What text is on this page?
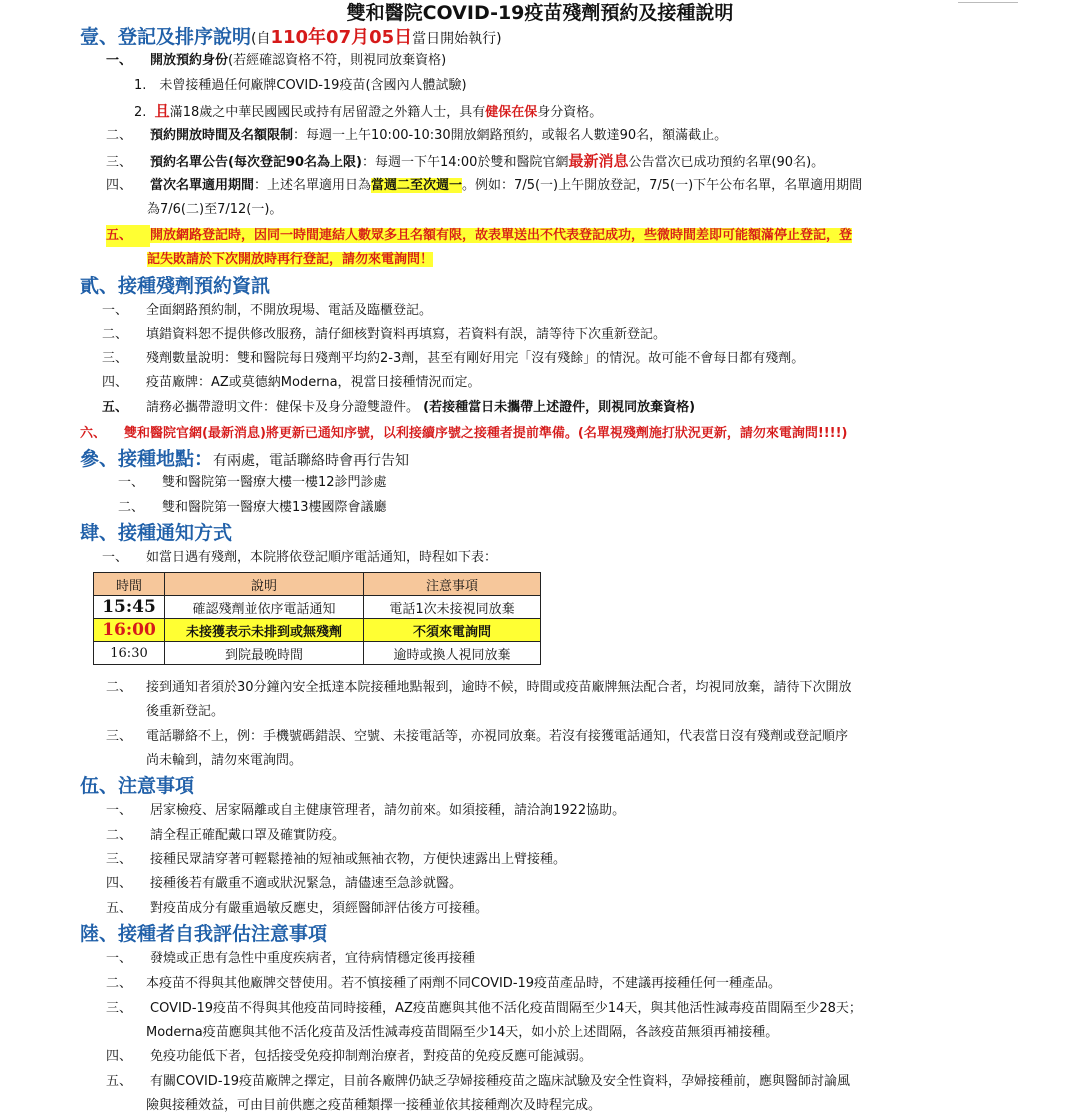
雙和醫院COVID-19疫苗殘劑預約及接種說明
壹、登記及排序說明(自110年07月05日當日開始執行)
一、 開放預約身份(若經確認資格不符，則視同放棄資格)
1.　未曾接種過任何廠牌COVID-19疫苗(含國內人體試驗)
2. 且滿18歲之中華民國國民或持有居留證之外籍人士，具有健保在保身分資格。
二、 預約開放時間及名額限制：每週一上午10:00-10:30開放網路預約，或報名人數達90名，額滿截止。
三、 預約名單公告(每次登記90名為上限)：每週一下午14:00於雙和醫院官網最新消息公告當次已成功預約名單(90名)。
四、 當次名單適用期間：上述名單適用日為當週二至次週一。例如：7/5(一)上午開放登記，7/5(一)下午公布名單，名單適用期間
為7/6(二)至7/12(一)。
五、 開放網路登記時，因同一時間連結人數眾多且名額有限，故表單送出不代表登記成功，些微時間差即可能額滿停止登記，登
記失敗請於下次開放時再行登記，請勿來電詢問！
貳、接種殘劑預約資訊
一、 全面網路預約制，不開放現場、電話及臨櫃登記。
二、 填錯資料恕不提供修改服務，請仔細核對資料再填寫，若資料有誤，請等待下次重新登記。
三、 殘劑數量說明：雙和醫院每日殘劑平均約2-3劑，甚至有剛好用完「沒有殘餘」的情況。故可能不會每日都有殘劑。
四、 疫苗廠牌：AZ或莫德納Moderna，視當日接種情況而定。
五、 請務必攜帶證明文件：健保卡及身分證雙證件。 (若接種當日未攜帶上述證件，則視同放棄資格)
六、 雙和醫院官網(最新消息)將更新已通知序號，以利接續序號之接種者提前準備。(名單視殘劑施打狀況更新，請勿來電詢問!!!!)
參、接種地點：有兩處，電話聯絡時會再行告知
一、 雙和醫院第一醫療大樓一樓12診門診處
二、 雙和醫院第一醫療大樓13樓國際會議廳
肆、接種通知方式
一、 如當日遇有殘劑，本院將依登記順序電話通知，時程如下表：
時間	說明	注意事項
15:45	確認殘劑並依序電話通知	電話1次未接視同放棄
16:00	未接獲表示未排到或無殘劑	不須來電詢問
16:30	到院最晚時間	逾時或換人視同放棄
二、 接到通知者須於30分鐘內安全抵達本院接種地點報到，逾時不候，時間或疫苗廠牌無法配合者，均視同放棄，請待下次開放
後重新登記。
三、 電話聯絡不上，例：手機號碼錯誤、空號、未接電話等，亦視同放棄。若沒有接獲電話通知，代表當日沒有殘劑或登記順序
尚未輪到，請勿來電詢問。
伍、注意事項
一、 居家檢疫、居家隔離或自主健康管理者，請勿前來。如須接種，請洽詢1922協助。
二、 請全程正確配戴口罩及確實防疫。
三、 接種民眾請穿著可輕鬆捲袖的短袖或無袖衣物，方便快速露出上臂接種。
四、 接種後若有嚴重不適或狀況緊急，請儘速至急診就醫。
五、 對疫苗成分有嚴重過敏反應史，須經醫師評估後方可接種。
陸、接種者自我評估注意事項
一、 發燒或正患有急性中重度疾病者，宜待病情穩定後再接種
二、 本疫苗不得與其他廠牌交替使用。若不慎接種了兩劑不同COVID-19疫苗產品時，不建議再接種任何一種產品。
三、 COVID-19疫苗不得與其他疫苗同時接種，AZ疫苗應與其他不活化疫苗間隔至少14天，與其他活性減毒疫苗間隔至少28天；
Moderna疫苗應與其他不活化疫苗及活性減毒疫苗間隔至少14天，如小於上述間隔，各該疫苗無須再補接種。
四、 免疫功能低下者，包括接受免疫抑制劑治療者，對疫苗的免疫反應可能減弱。
五、 有關COVID-19疫苗廠牌之擇定，目前各廠牌仍缺乏孕婦接種疫苗之臨床試驗及安全性資料，孕婦接種前，應與醫師討論風
險與接種效益，可由目前供應之疫苗種類擇一接種並依其接種劑次及時程完成。
